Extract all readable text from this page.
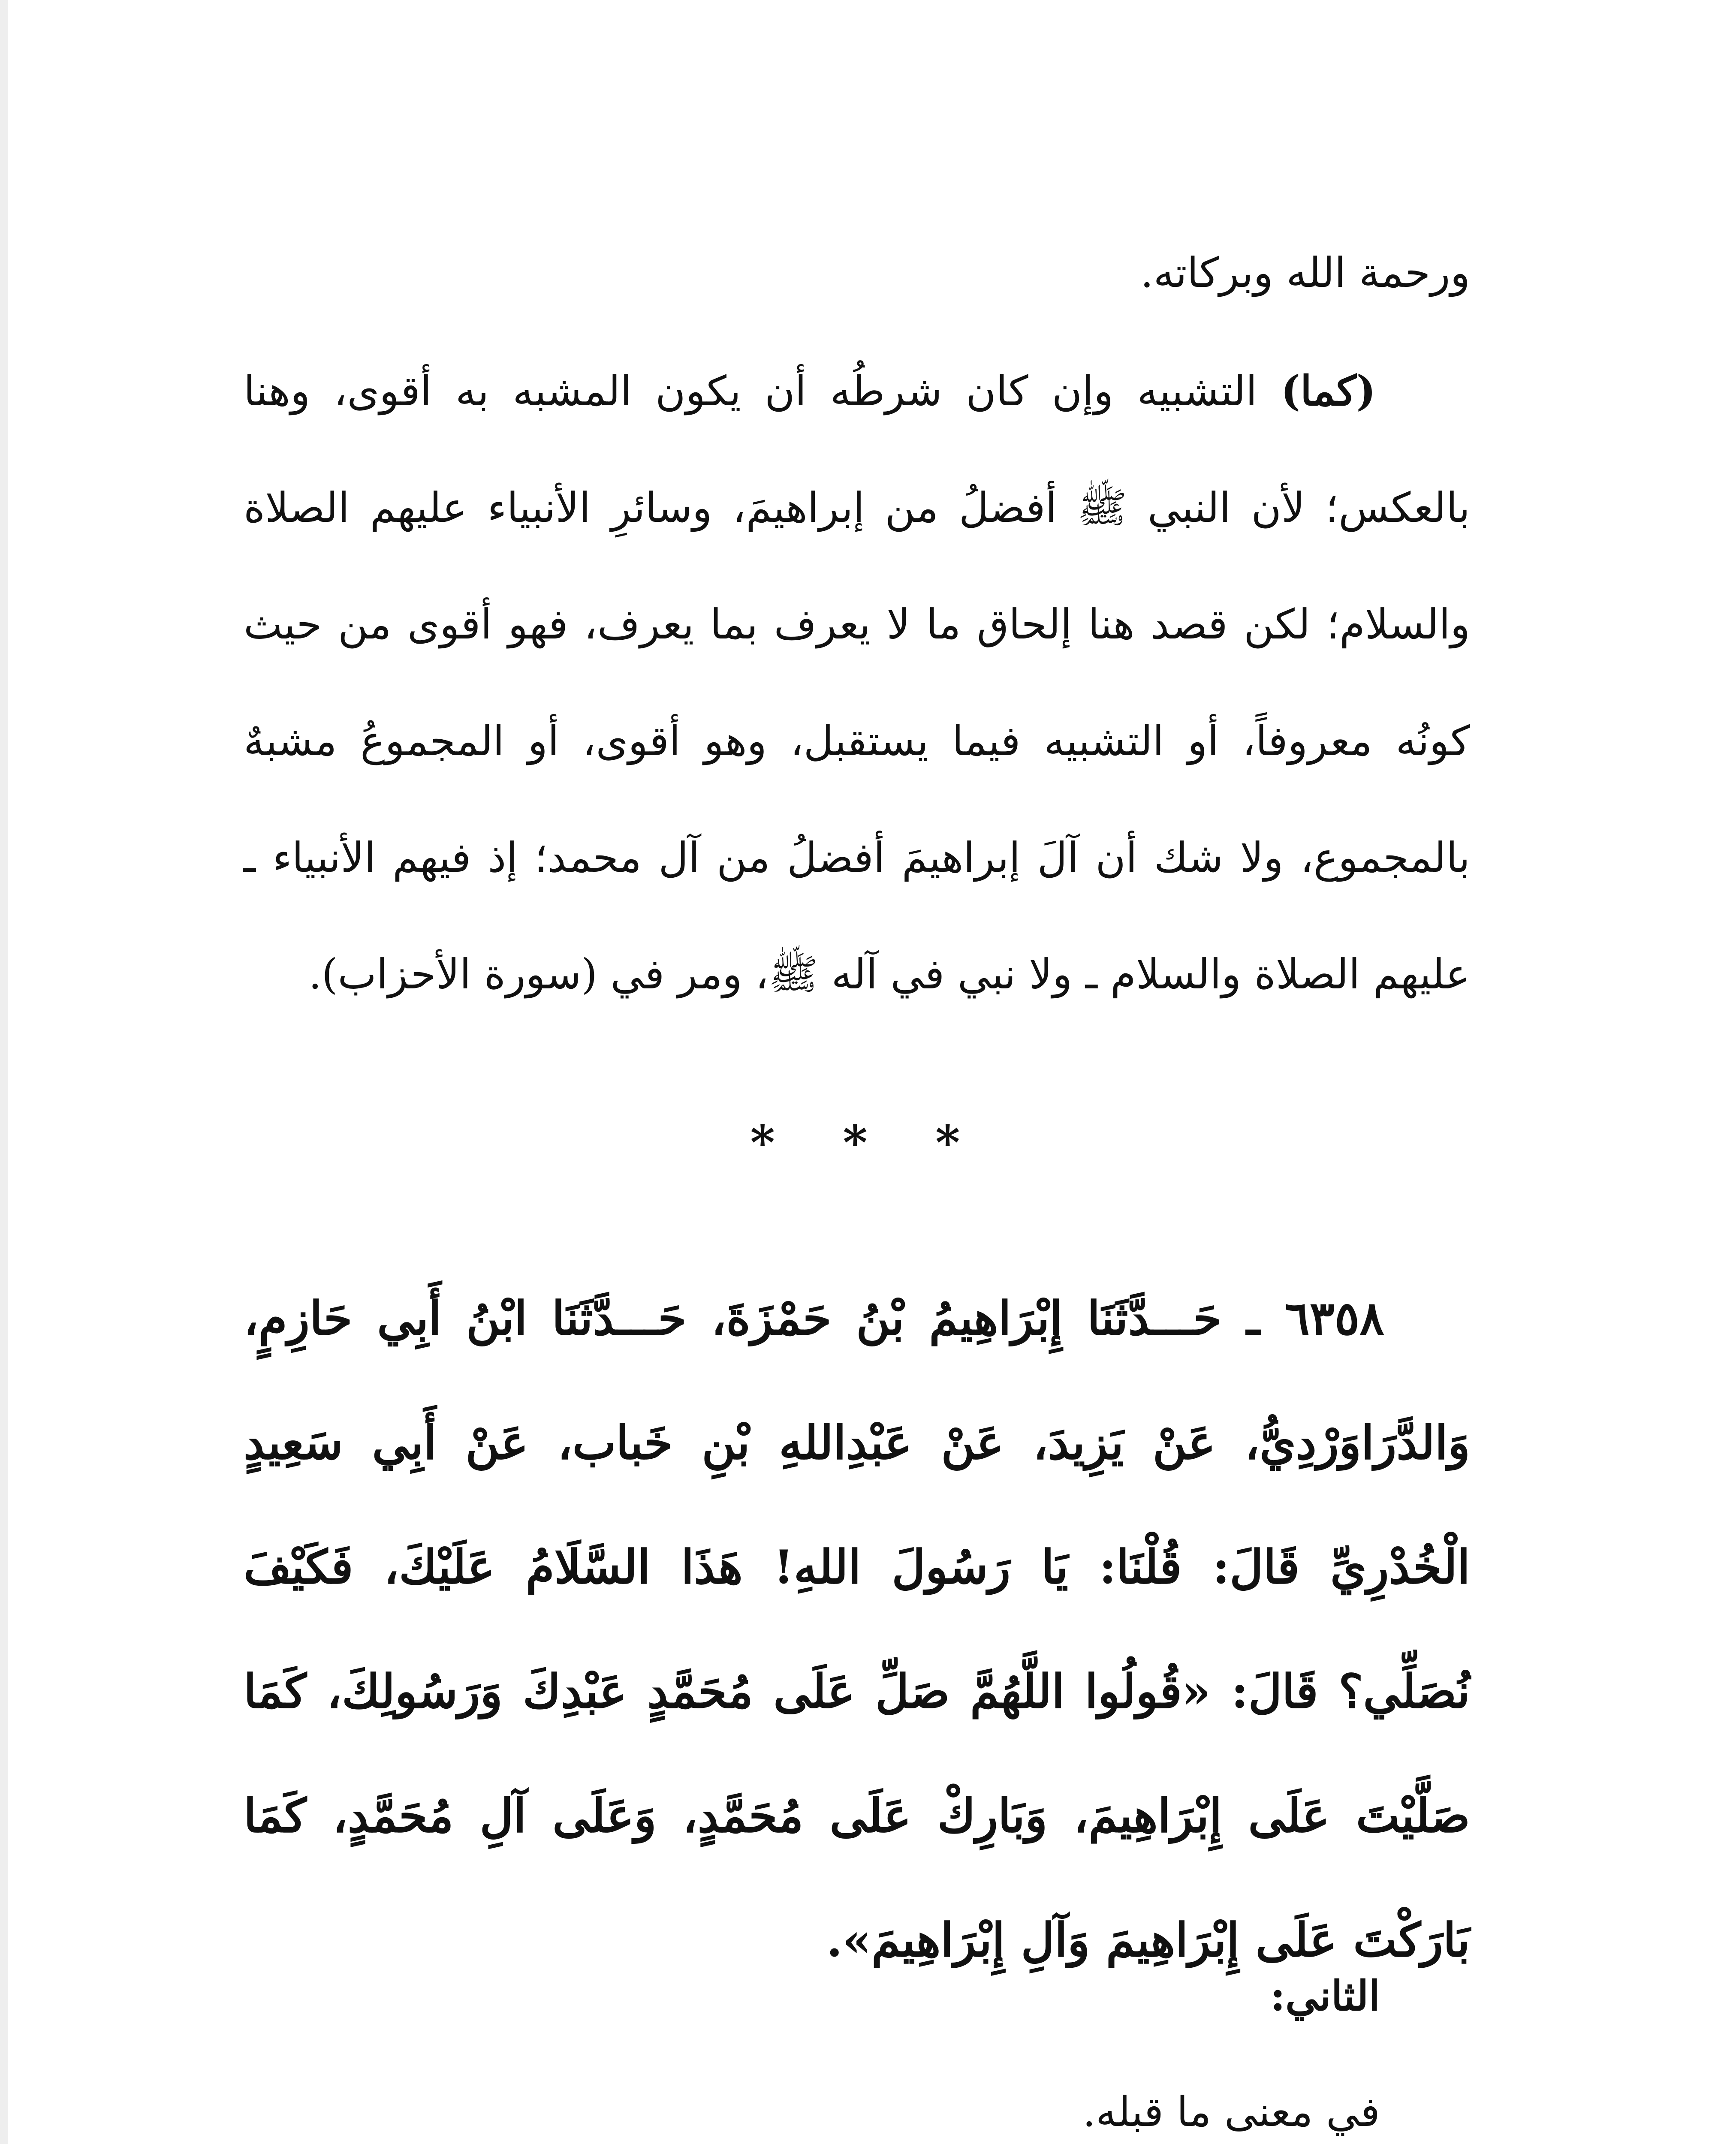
ورحمة الله وبركاته.

(كما) التشبيه وإن كان شرطُه أن يكون المشبه به أقوى، وهنا بالعكس؛ لأن النبي ﷺ أفضلُ من إبراهيمَ، وسائرِ الأنبياء عليهم الصلاة والسلام؛ لكن قصد هنا إلحاق ما لا يعرف بما يعرف، فهو أقوى من حيث كونُه معروفاً، أو التشبيه فيما يستقبل، وهو أقوى، أو المجموعُ مشبهٌ بالمجموع، ولا شك أن آلَ إبراهيمَ أفضلُ من آل محمد؛ إذ فيهم الأنبياء ـ عليهم الصلاة والسلام ـ ولا نبي في آله ﷺ، ومر في (سورة الأحزاب).

* * *

٦٣٥٨ ـ حَـــدَّثَنَا إِبْرَاهِيمُ بْنُ حَمْزَةَ، حَـــدَّثَنَا ابْنُ أَبِي حَازِمٍ، وَالدَّرَاوَرْدِيُّ، عَنْ يَزِيدَ، عَنْ عَبْدِاللهِ بْنِ خَباب، عَنْ أَبِي سَعِيدٍ الْخُدْرِيِّ قَالَ: قُلْنَا: يَا رَسُولَ اللهِ! هَذَا السَّلَامُ عَلَيْكَ، فَكَيْفَ نُصَلِّي؟ قَالَ: «قُولُوا اللَّهُمَّ صَلِّ عَلَى مُحَمَّدٍ عَبْدِكَ وَرَسُولِكَ، كَمَا صَلَّيْتَ عَلَى إِبْرَاهِيمَ، وَبَارِكْ عَلَى مُحَمَّدٍ، وَعَلَى آلِ مُحَمَّدٍ، كَمَا بَارَكْتَ عَلَى إِبْرَاهِيمَ وَآلِ إِبْرَاهِيمَ».

الثاني:

في معنى ما قبله.
